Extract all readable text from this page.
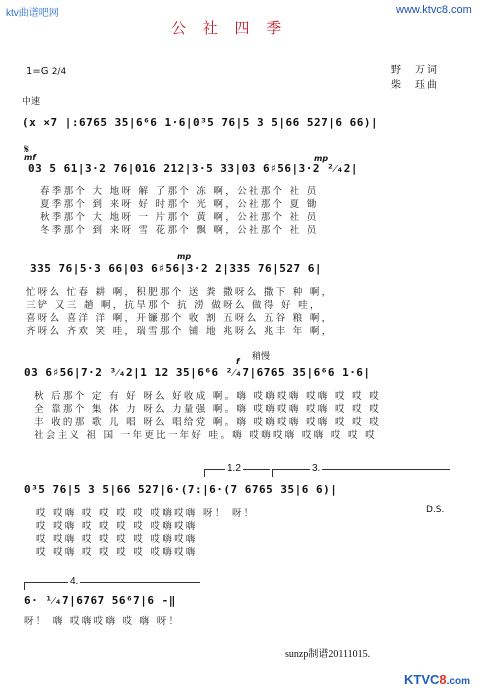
ktv曲谱吧网	www.ktvc8.com
公 社 四 季
1=G 2/4	野　万词
柴　珏曲
中速
(x ×7 |:6765 35|6⁶6 1·6|0³5 76|5 3 5|66 527|6 66)|
𝄋
mf	mp
03 5 61|3·2 76|016 212|3·5 33|03 6♯56|3·2 ²⁄₄2|
春季那个 大 地呀 解 了那个 冻 啊，公社那个 社 员
夏季那个 到 来呀 好 时那个 光 啊，公社那个 夏 锄
秋季那个 大 地呀 一 片那个 黄 啊，公社那个 社 员
冬季那个 到 来呀 雪 花那个 飘 啊，公社那个 社 员
mp
335 76|5·3 66|03 6♯56|3·2 2|335 76|527 6|
忙呀么 忙春 耕 啊，积肥那个 送 粪 撒呀么 撒下 种 啊，
三铲 又三 趟 啊，抗旱那个 抗 涝 做呀么 做得 好 哇，
喜呀么 喜洋 洋 啊，开镰那个 收 割 五呀么 五谷 粮 啊，
齐呀么 齐欢 笑 哇，瑞雪那个 铺 地 兆呀么 兆丰 年 啊，
稍慢
f
03 6♯56|7·2 ³⁄₄2|1 12 35|6⁶6 ²⁄₄7|6765 35|6⁶6 1·6|
秋 后那个 定 有 好 呀么 好收成 啊。嗨 哎嗨哎嗨 哎嗨 哎 哎 哎
全 靠那个 集 体 力 呀么 力量强 啊。嗨 哎嗨哎嗨 哎嗨 哎 哎 哎
丰 收的那 歌 儿 唱 呀么 唱给党 啊。嗨 哎嗨哎嗨 哎嗨 哎 哎 哎
社会主义 祖 国 一年更比一年好 哇。嗨 哎嗨哎嗨 哎嗨 哎 哎 哎
1.2	3.
0³5 76|5 3 5|66 527|6·(7:|6·(7 6765 35|6 6)|
D.S.
哎 哎嗨 哎 哎 哎 哎 哎嗨哎嗨 呀！ 呀！
哎 哎嗨 哎 哎 哎 哎 哎嗨哎嗨
哎 哎嗨 哎 哎 哎 哎 哎嗨哎嗨
哎 哎嗨 哎 哎 哎 哎 哎嗨哎嗨
4.
6· ¹⁄₄7|6767 56⁶7|6 -‖
呀！ 嗨 哎嗨哎嗨 哎 嗨 呀！
sunzp制谱20111015.
KTVC8.com
